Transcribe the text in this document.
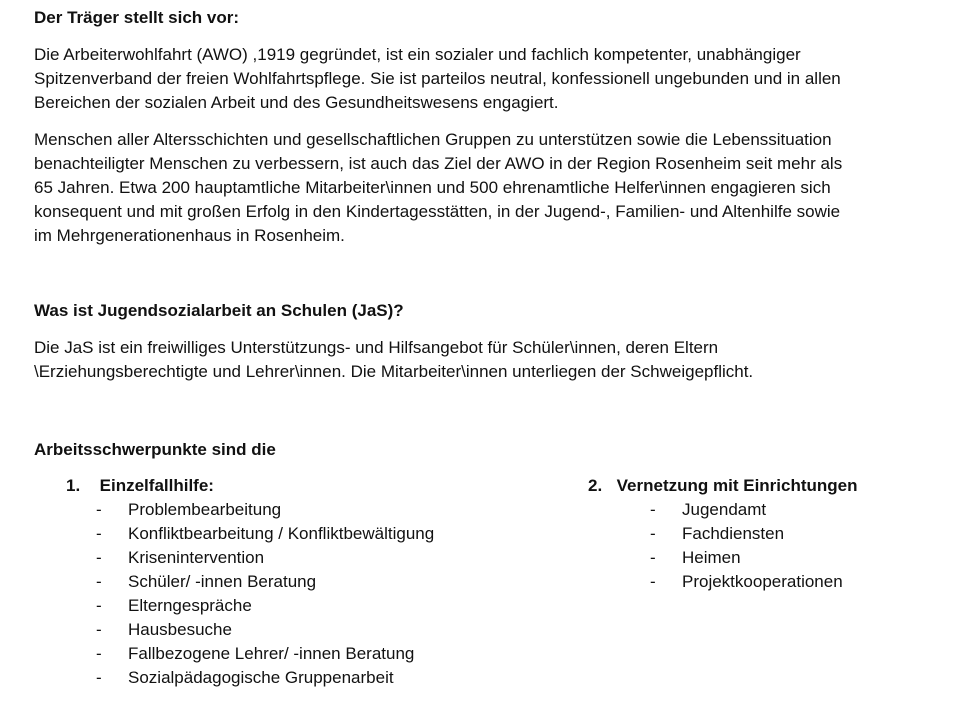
Der Träger stellt sich vor:
Die Arbeiterwohlfahrt (AWO) ,1919 gegründet, ist ein sozialer und fachlich kompetenter, unabhängiger
Spitzenverband der freien Wohlfahrtspflege. Sie ist parteilos neutral, konfessionell ungebunden und in allen
Bereichen der sozialen Arbeit und des Gesundheitswesens engagiert.
Menschen aller Altersschichten und gesellschaftlichen Gruppen zu unterstützen sowie die Lebenssituation
benachteiligter Menschen zu verbessern, ist auch das Ziel der AWO in der Region Rosenheim seit mehr als
65 Jahren. Etwa 200 hauptamtliche Mitarbeiter\innen und 500 ehrenamtliche Helfer\innen engagieren sich
konsequent und mit großen Erfolg in den Kindertagesstätten, in der Jugend-, Familien- und Altenhilfe sowie
im Mehrgenerationenhaus in Rosenheim.
Was ist Jugendsozialarbeit an Schulen (JaS)?
Die JaS ist ein freiwilliges Unterstützungs- und Hilfsangebot für Schüler\innen, deren Eltern
\Erziehungsberechtigte und Lehrer\innen. Die Mitarbeiter\innen unterliegen der Schweigepflicht.
Arbeitsschwerpunkte sind die
1. Einzelfallhilfe:
- Problembearbeitung
- Konfliktbearbeitung / Konfliktbewältigung
- Krisenintervention
- Schüler/ -innen Beratung
- Elterngespräche
- Hausbesuche
- Fallbezogene Lehrer/ -innen Beratung
- Sozialpädagogische Gruppenarbeit
2. Vernetzung mit Einrichtungen
- Jugendamt
- Fachdiensten
- Heimen
- Projektkooperationen
